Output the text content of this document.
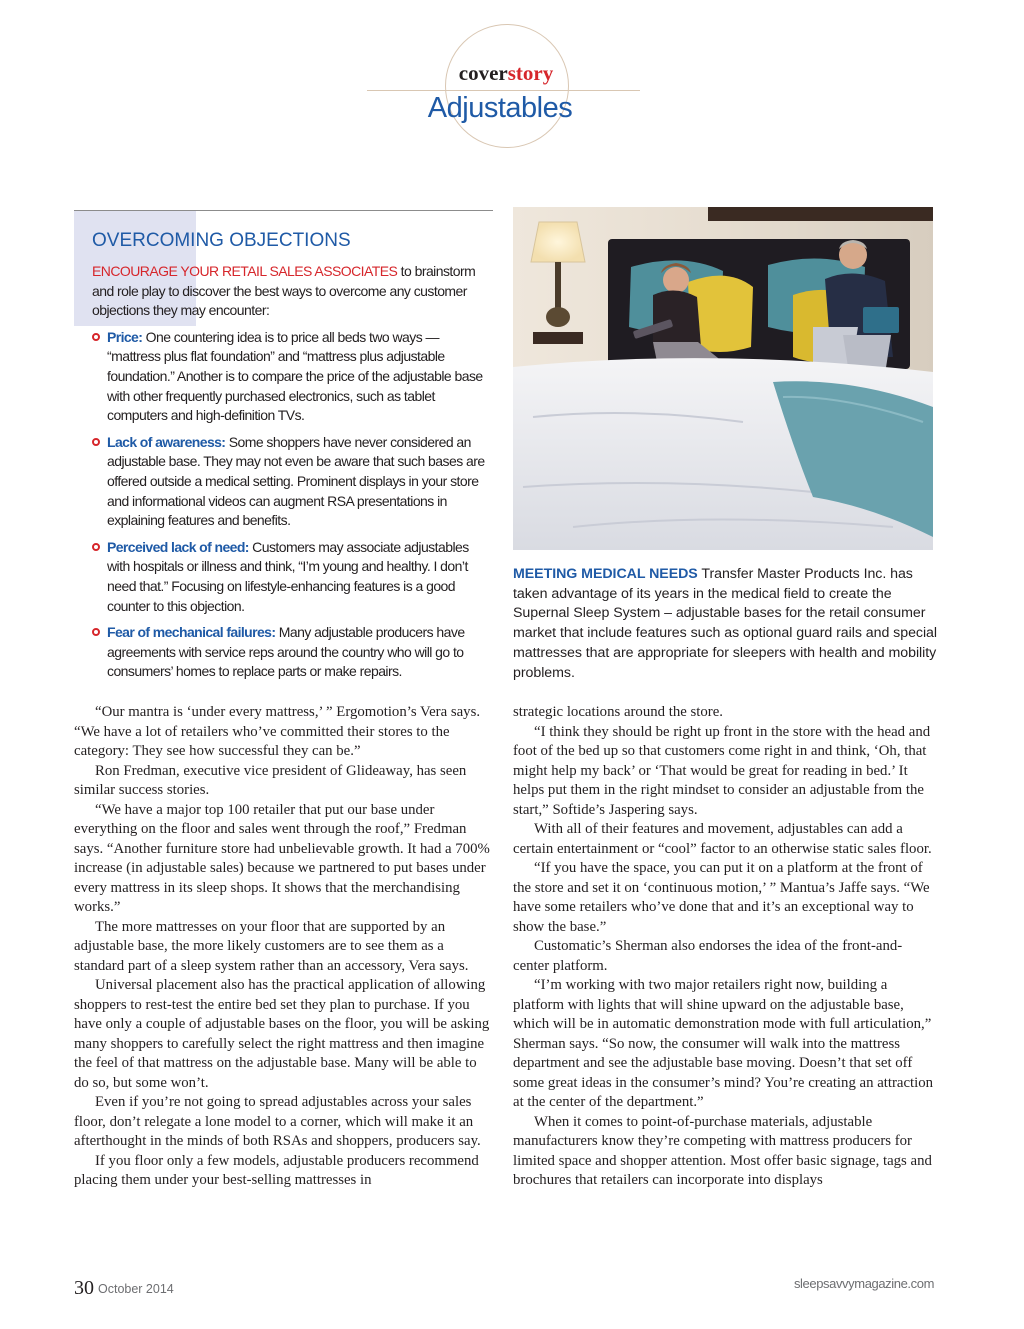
coverstory
Adjustables
OVERCOMING OBJECTIONS

ENCOURAGE YOUR RETAIL SALES ASSOCIATES to brainstorm and role play to discover the best ways to overcome any customer objections they may encounter:

Price: One countering idea is to price all beds two ways — “mattress plus flat foundation” and “mattress plus adjustable foundation.” Another is to compare the price of the adjustable base with other frequently purchased electronics, such as tablet computers and high-definition TVs.

Lack of awareness: Some shoppers have never considered an adjustable base. They may not even be aware that such bases are offered outside a medical setting. Prominent displays in your store and informational videos can augment RSA presentations in explaining features and benefits.

Perceived lack of need: Customers may associate adjustables with hospitals or illness and think, “I’m young and healthy. I don’t need that.” Focusing on lifestyle-enhancing features is a good counter to this objection.

Fear of mechanical failures: Many adjustable producers have agreements with service reps around the country who will go to consumers’ homes to replace parts or make repairs.

MEETING MEDICAL NEEDS Transfer Master Products Inc. has taken advantage of its years in the medical field to create the Supernal Sleep System – adjustable bases for the retail consumer market that include features such as optional guard rails and special mattresses that are appropriate for sleepers with health and mobility problems.

“Our mantra is ‘under every mattress,’ ” Ergomotion’s Vera says. “We have a lot of retailers who’ve committed their stores to the category: They see how successful they can be.”

Ron Fredman, executive vice president of Glideaway, has seen similar success stories.

“We have a major top 100 retailer that put our base under everything on the floor and sales went through the roof,” Fredman says. “Another furniture store had unbelievable growth. It had a 700% increase (in adjustable sales) because we partnered to put bases under every mattress in its sleep shops. It shows that the merchandising works.”

The more mattresses on your floor that are supported by an adjustable base, the more likely customers are to see them as a standard part of a sleep system rather than an accessory, Vera says.

Universal placement also has the practical application of allowing shoppers to rest-test the entire bed set they plan to purchase. If you have only a couple of adjustable bases on the floor, you will be asking many shoppers to carefully select the right mattress and then imagine the feel of that mattress on the adjustable base. Many will be able to do so, but some won’t.

Even if you’re not going to spread adjustables across your sales floor, don’t relegate a lone model to a corner, which will make it an afterthought in the minds of both RSAs and shoppers, producers say.

If you floor only a few models, adjustable producers recommend placing them under your best-selling mattresses in

strategic locations around the store.

“I think they should be right up front in the store with the head and foot of the bed up so that customers come right in and think, ‘Oh, that might help my back’ or ‘That would be great for reading in bed.’ It helps put them in the right mindset to consider an adjustable from the start,” Softide’s Jaspering says.

With all of their features and movement, adjustables can add a certain entertainment or “cool” factor to an otherwise static sales floor.

“If you have the space, you can put it on a platform at the front of the store and set it on ‘continuous motion,’ ” Mantua’s Jaffe says. “We have some retailers who’ve done that and it’s an exceptional way to show the base.”

Customatic’s Sherman also endorses the idea of the front-and-center platform.

“I’m working with two major retailers right now, building a platform with lights that will shine upward on the adjustable base, which will be in automatic demonstration mode with full articulation,” Sherman says. “So now, the consumer will walk into the mattress department and see the adjustable base moving. Doesn’t that set off some great ideas in the consumer’s mind? You’re creating an attraction at the center of the department.”

When it comes to point-of-purchase materials, adjustable manufacturers know they’re competing with mattress producers for limited space and shopper attention. Most offer basic signage, tags and brochures that retailers can incorporate into displays

30 October 2014	sleepsavvymagazine.com
